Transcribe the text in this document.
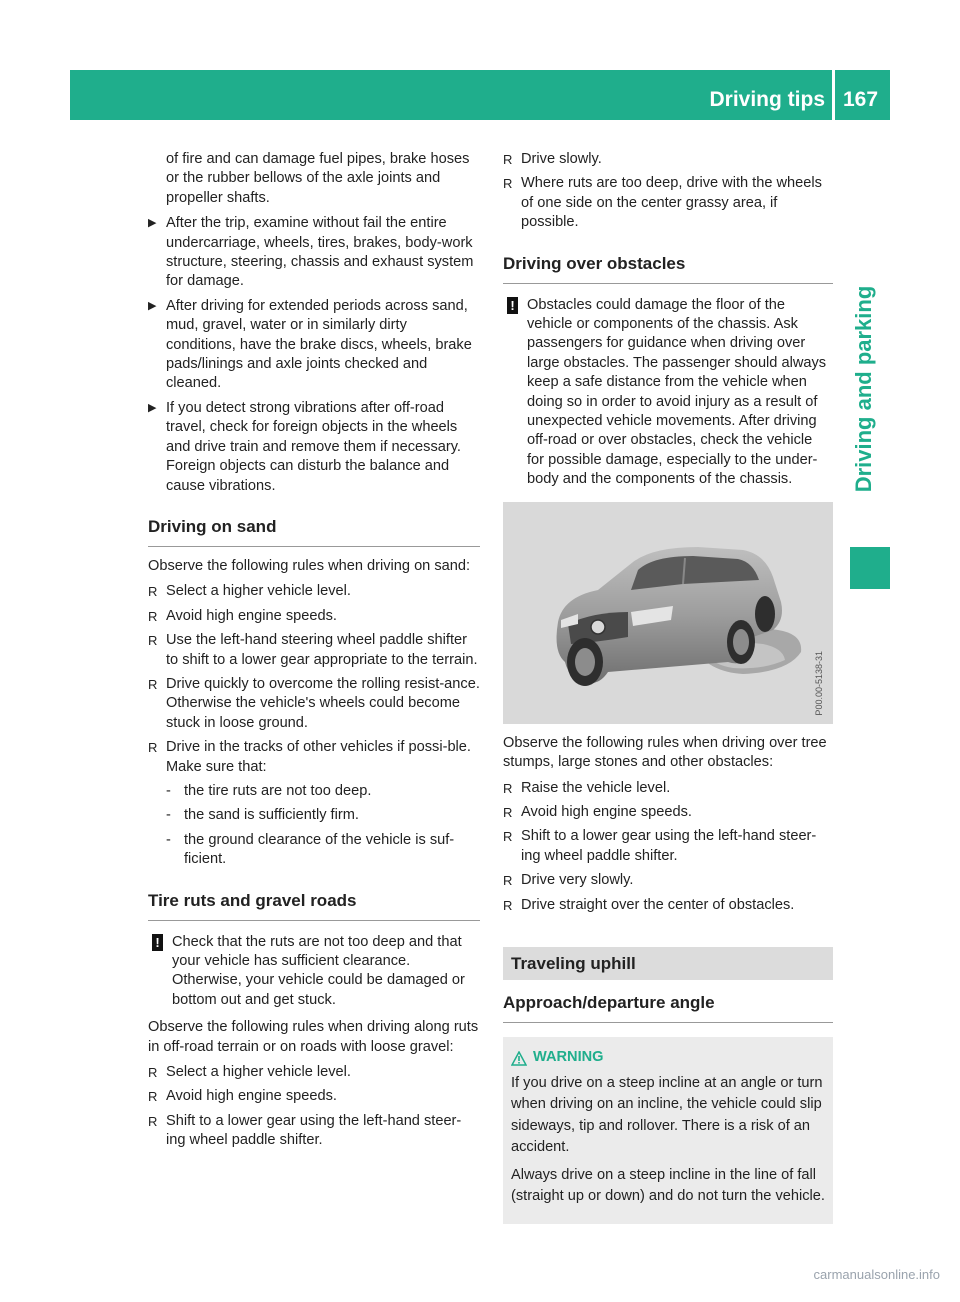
Driving tips 167
Driving and parking

of fire and can damage fuel pipes, brake hoses or the rubber bellows of the axle joints and propeller shafts.

▶ After the trip, examine without fail the entire undercarriage, wheels, tires, brakes, body-work structure, steering, chassis and exhaust system for damage.
▶ After driving for extended periods across sand, mud, gravel, water or in similarly dirty conditions, have the brake discs, wheels, brake pads/linings and axle joints checked and cleaned.
▶ If you detect strong vibrations after off-road travel, check for foreign objects in the wheels and drive train and remove them if necessary. Foreign objects can disturb the balance and cause vibrations.
Driving on sand

Observe the following rules when driving on sand:

R Select a higher vehicle level.
R Avoid high engine speeds.
R Use the left-hand steering wheel paddle shifter to shift to a lower gear appropriate to the terrain.
R Drive quickly to overcome the rolling resist-ance. Otherwise the vehicle's wheels could become stuck in loose ground.
R Drive in the tracks of other vehicles if possi-ble. Make sure that:
- the tire ruts are not too deep.
- the sand is sufficiently firm.
- the ground clearance of the vehicle is suf-ficient.
Tire ruts and gravel roads
! Check that the ruts are not too deep and that your vehicle has sufficient clearance. Otherwise, your vehicle could be damaged or bottom out and get stuck.

Observe the following rules when driving along ruts in off-road terrain or on roads with loose gravel:

R Select a higher vehicle level.
R Avoid high engine speeds.
R Shift to a lower gear using the left-hand steer-ing wheel paddle shifter.
R Drive slowly.
R Where ruts are too deep, drive with the wheels of one side on the center grassy area, if possible.
Driving over obstacles
! Obstacles could damage the floor of the vehicle or components of the chassis. Ask passengers for guidance when driving over large obstacles. The passenger should always keep a safe distance from the vehicle when doing so in order to avoid injury as a result of unexpected vehicle movements. After driving off-road or over obstacles, check the vehicle for possible damage, especially to the under-body and the components of the chassis.
P00.00-5138-31

Observe the following rules when driving over tree stumps, large stones and other obstacles:

R Raise the vehicle level.
R Avoid high engine speeds.
R Shift to a lower gear using the left-hand steer-ing wheel paddle shifter.
R Drive very slowly.
R Drive straight over the center of obstacles.
Traveling uphill
Approach/departure angle
WARNING

If you drive on a steep incline at an angle or turn when driving on an incline, the vehicle could slip sideways, tip and rollover. There is a risk of an accident.

Always drive on a steep incline in the line of fall (straight up or down) and do not turn the vehicle.

carmanualsonline.info
